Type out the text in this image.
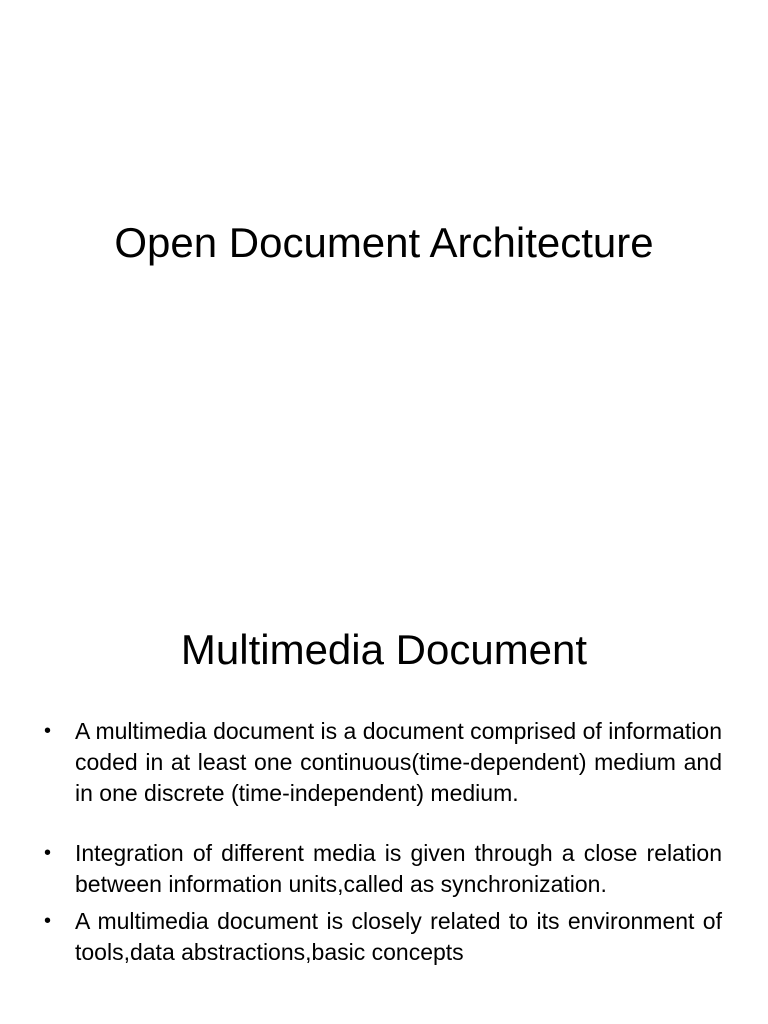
Open Document Architecture
Multimedia Document
• A multimedia document is a document comprised of information coded in at least one continuous(time-dependent) medium and in one discrete (time-independent) medium.
• Integration of different media is given through a close relation between information units,called as synchronization.
• A multimedia document is closely related to its environment of tools,data abstractions,basic concepts
